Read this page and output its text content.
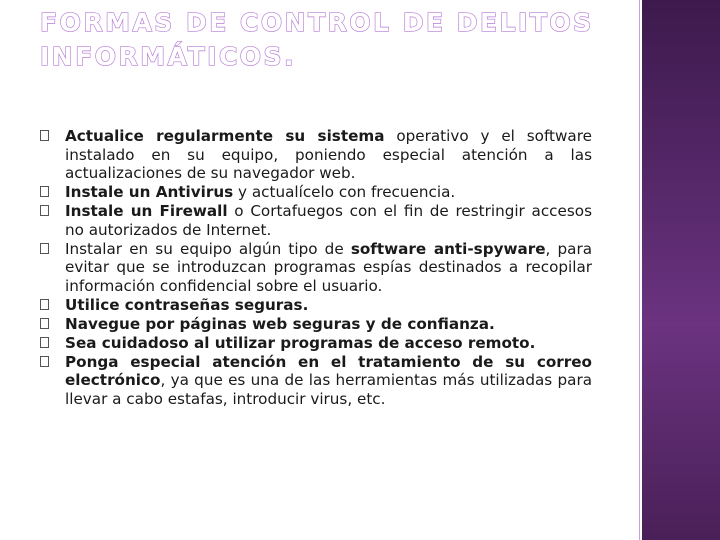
FORMAS DE CONTROL DE DELITOS
INFORMÁTICOS.
Actualice regularmente su sistema operativo y el software instalado en su equipo, poniendo especial atención a las actualizaciones de su navegador web.
Instale un Antivirus y actualícelo con frecuencia.
Instale un Firewall o Cortafuegos con el fin de restringir accesos no autorizados de Internet.
Instalar en su equipo algún tipo de software anti-spyware, para evitar que se introduzcan programas espías destinados a recopilar información confidencial sobre el usuario.
Utilice contraseñas seguras.
Navegue por páginas web seguras y de confianza.
Sea cuidadoso al utilizar programas de acceso remoto.
Ponga especial atención en el tratamiento de su correo electrónico, ya que es una de las herramientas más utilizadas para llevar a cabo estafas, introducir virus, etc.
